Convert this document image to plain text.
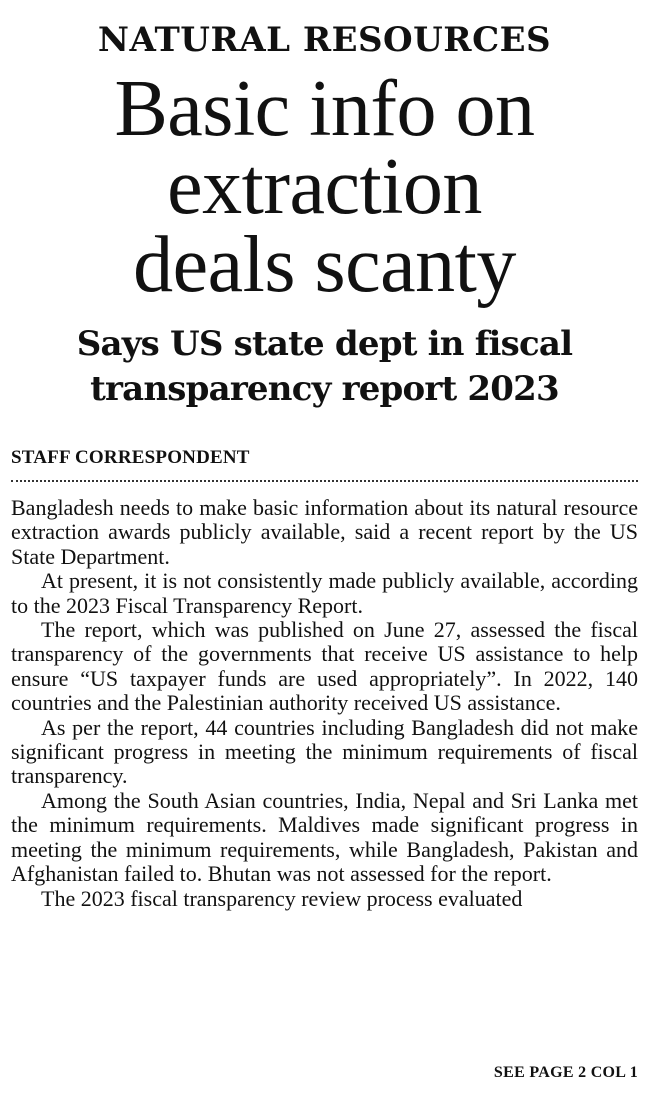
NATURAL RESOURCES
Basic info on
extraction
deals scanty
Says US state dept in fiscal
transparency report 2023
STAFF CORRESPONDENT

Bangladesh needs to make basic information about its natural resource extraction awards publicly available, said a recent report by the US State Department.

At present, it is not consistently made publicly available, according to the 2023 Fiscal Transparency Report.

The report, which was published on June 27, assessed the fiscal transparency of the governments that receive US assistance to help ensure “US taxpayer funds are used appropriately”. In 2022, 140 countries and the Palestinian authority received US assistance.

As per the report, 44 countries including Bangladesh did not make significant progress in meeting the minimum requirements of fiscal transparency.

Among the South Asian countries, India, Nepal and Sri Lanka met the minimum requirements. Maldives made significant progress in meeting the minimum requirements, while Bangladesh, Pakistan and Afghanistan failed to. Bhutan was not assessed for the report.

The 2023 fiscal transparency review process evaluated

SEE PAGE 2 COL 1
